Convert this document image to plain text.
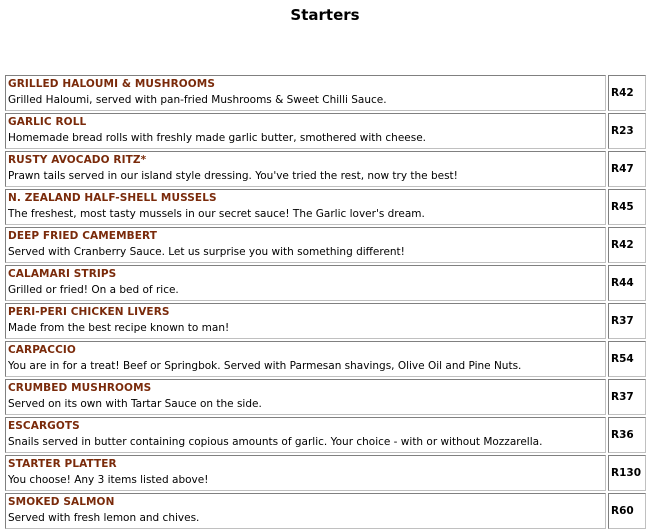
Starters
GRILLED HALOUMI & MUSHROOMS
Grilled Haloumi, served with pan-fried Mushrooms & Sweet Chilli Sauce.	R42

GARLIC ROLL
Homemade bread rolls with freshly made garlic butter, smothered with cheese.	R23

RUSTY AVOCADO RITZ*
Prawn tails served in our island style dressing. You've tried the rest, now try the best!	R47

N. ZEALAND HALF-SHELL MUSSELS
The freshest, most tasty mussels in our secret sauce! The Garlic lover's dream.	R45

DEEP FRIED CAMEMBERT
Served with Cranberry Sauce. Let us surprise you with something different!	R42

CALAMARI STRIPS
Grilled or fried! On a bed of rice.	R44

PERI-PERI CHICKEN LIVERS
Made from the best recipe known to man!	R37

CARPACCIO
You are in for a treat! Beef or Springbok. Served with Parmesan shavings, Olive Oil and Pine Nuts.	R54

CRUMBED MUSHROOMS
Served on its own with Tartar Sauce on the side.	R37

ESCARGOTS
Snails served in butter containing copious amounts of garlic. Your choice - with or without Mozzarella.	R36

STARTER PLATTER
You choose! Any 3 items listed above!	R130

SMOKED SALMON
Served with fresh lemon and chives.	R60
